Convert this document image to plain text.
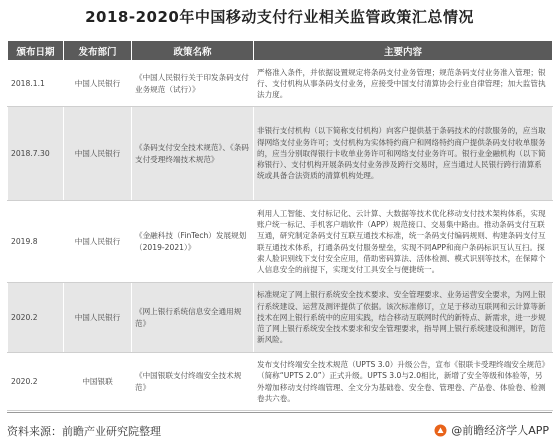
2018-2020年中国移动支付行业相关监管政策汇总情况
颁布日期	发布部门	政策名称	主要内容
2018.1.1	中国人民银行	《中国人民银行关于印发条码支付业务规范（试行）》	严格准入条件，并依据设置规定将条码支付业务管理；规范条码支付业务准入管理；银行、支付机构从事条码支付业务，应接受中国支付清算协会行业自律管理；加大监管执法力度。
2018.7.30	中国人民银行	《条码支付安全技术规范》、《条码支付受理终端技术规范》	非银行支付机构（以下简称支付机构）向客户提供基于条码技术的付款服务的，应当取得网络支付业务许可；支付机构为实体特约商户和网络特约商户提供条码支付收单服务的，应当分别取得银行卡收单业务许可和网络支付业务许可。银行业金融机构（以下简称银行）、支付机构开展条码支付业务涉及跨行交易时，应当通过人民银行跨行清算系统或具备合法资质的清算机构处理。
2019.8	中国人民银行	《金融科技（FinTech）发展规划（2019-2021）》	利用人工智能、支付标记化、云计算、大数据等技术优化移动支付技术架构体系，实现账户统一标记、手机客户端软件（APP）规范接口、交易集中路由。推动条码支付互联互通，研究制定条码支付互联互通技术标准，统一条码支付编码规则、构建条码支付互联互通技术体系，打通条码支付服务壁垒，实现不同APP和商户条码标识互认互扫。探索人脸识别线下支付安全应用，借助密码算法、活体检测、模式识别等技术，在保障个人信息安全的前提下，实现支付工具安全与便捷统一。
2020.2	中国人民银行	《网上银行系统信息安全通用规范》	标准规定了网上银行系统安全技术要求、安全管理要求、业务运营安全要求，为网上银行系统建设、运营及测评提供了依据。该次标准修订，立足于移动互联网和云计算等新技术在网上银行系统中的应用实践，结合移动互联网时代的新特点、新需求，进一步规范了网上银行系统安全技术要求和安全管理要求，指导网上银行系统建设和测评，防范新风险。
2020.2	中国银联	《中国银联支付终端安全技术规范》	发布支付终端安全技术规范（UPTS 3.0）升级公告，宣布《银联卡受理终端安全规范》（简称“UPTS 2.0”）正式升级。UPTS 3.0与2.0相比，新增了安全等级和体验等，另外增加移动支付终端管理、全文分为基础卷、安全卷、管理卷、产品卷、体验卷、检测卷共六卷。
资料来源：前瞻产业研究院整理	@前瞻经济学人APP
